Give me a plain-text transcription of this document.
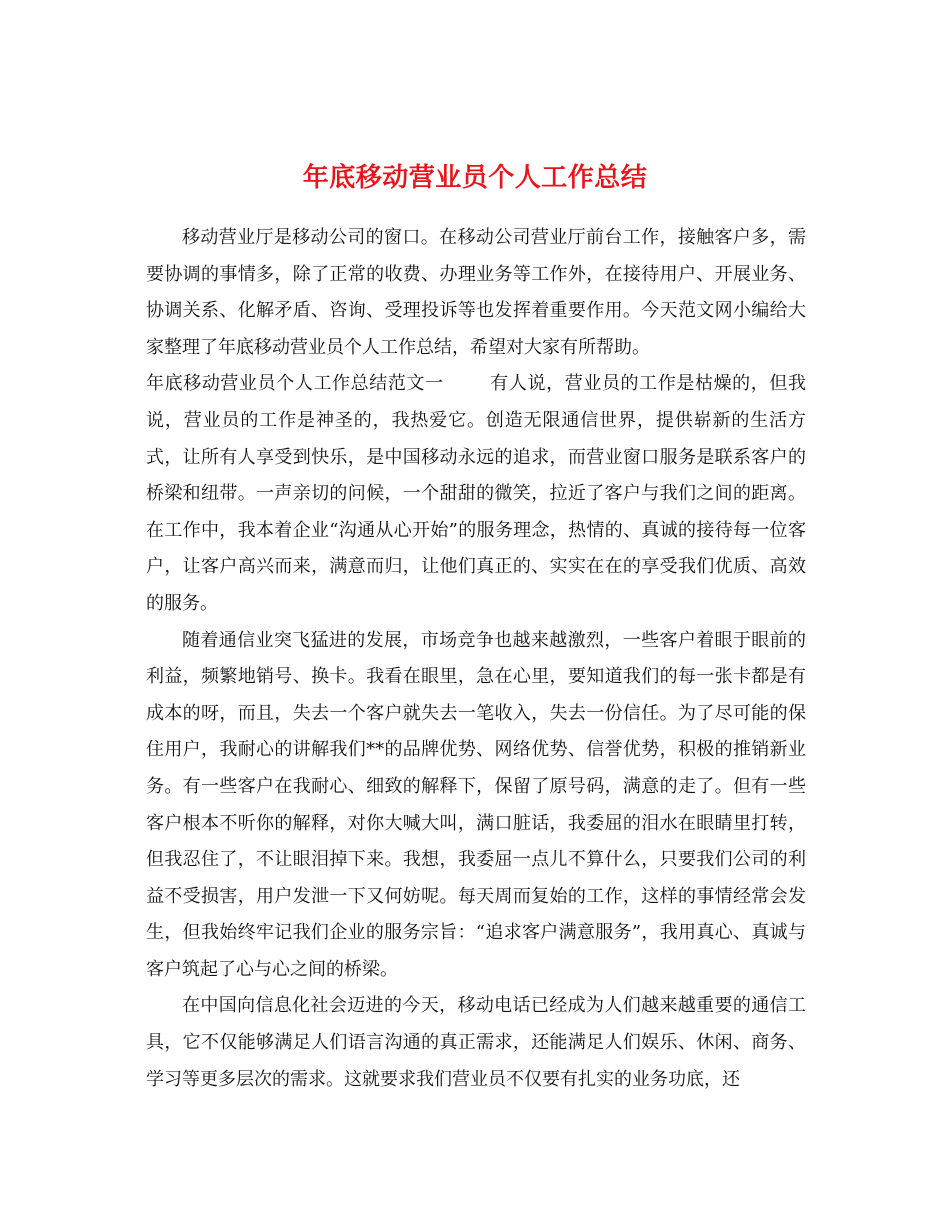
年底移动营业员个人工作总结

移动营业厅是移动公司的窗口。在移动公司营业厅前台工作，接触客户多，需要协调的事情多，除了正常的收费、办理业务等工作外，在接待用户、开展业务、协调关系、化解矛盾、咨询、受理投诉等也发挥着重要作用。今天范文网小编给大家整理了年底移动营业员个人工作总结，希望对大家有所帮助。

年底移动营业员个人工作总结范文一	有人说，营业员的工作是枯燥的，但我说，营业员的工作是神圣的，我热爱它。创造无限通信世界，提供崭新的生活方式，让所有人享受到快乐，是中国移动永远的追求，而营业窗口服务是联系客户的桥梁和纽带。一声亲切的问候，一个甜甜的微笑，拉近了客户与我们之间的距离。在工作中，我本着企业“沟通从心开始”的服务理念，热情的、真诚的接待每一位客户，让客户高兴而来，满意而归，让他们真正的、实实在在的享受我们优质、高效的服务。

随着通信业突飞猛进的发展，市场竞争也越来越激烈，一些客户着眼于眼前的利益，频繁地销号、换卡。我看在眼里，急在心里，要知道我们的每一张卡都是有成本的呀，而且，失去一个客户就失去一笔收入，失去一份信任。为了尽可能的保住用户，我耐心的讲解我们**的品牌优势、网络优势、信誉优势，积极的推销新业务。有一些客户在我耐心、细致的解释下，保留了原号码，满意的走了。但有一些客户根本不听你的解释，对你大喊大叫，满口脏话，我委屈的泪水在眼睛里打转，但我忍住了，不让眼泪掉下来。我想，我委屈一点儿不算什么，只要我们公司的利益不受损害，用户发泄一下又何妨呢。每天周而复始的工作，这样的事情经常会发生，但我始终牢记我们企业的服务宗旨：“追求客户满意服务”，我用真心、真诚与客户筑起了心与心之间的桥梁。

在中国向信息化社会迈进的今天，移动电话已经成为人们越来越重要的通信工具，它不仅能够满足人们语言沟通的真正需求，还能满足人们娱乐、休闲、商务、学习等更多层次的需求。这就要求我们营业员不仅要有扎实的业务功底，还
